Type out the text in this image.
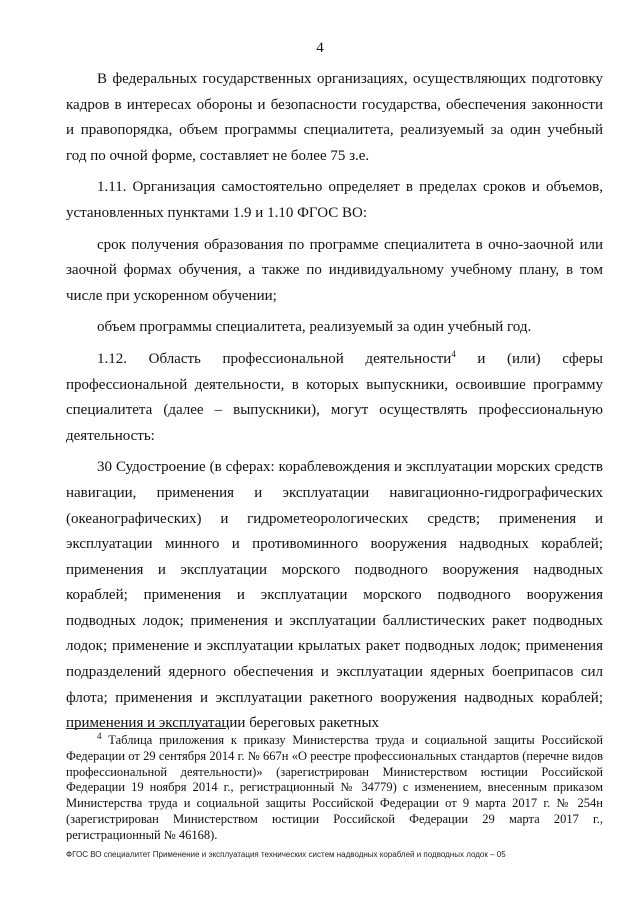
4

В федеральных государственных организациях, осуществляющих подготовку кадров в интересах обороны и безопасности государства, обеспечения законности и правопорядка, объем программы специалитета, реализуемый за один учебный год по очной форме, составляет не более 75 з.е.

1.11. Организация самостоятельно определяет в пределах сроков и объемов, установленных пунктами 1.9 и 1.10 ФГОС ВО:

срок получения образования по программе специалитета в очно-заочной или заочной формах обучения, а также по индивидуальному учебному плану, в том числе при ускоренном обучении;

объем программы специалитета, реализуемый за один учебный год.

1.12. Область профессиональной деятельности$^4$ и (или) сферы профессиональной деятельности, в которых выпускники, освоившие программу специалитета (далее – выпускники), могут осуществлять профессиональную деятельность:

30 Судостроение (в сферах: кораблевождения и эксплуатации морских средств навигации, применения и эксплуатации навигационно-гидрографических (океанографических) и гидрометеорологических средств; применения и эксплуатации минного и противоминного вооружения надводных кораблей; применения и эксплуатации морского подводного вооружения надводных кораблей; применения и эксплуатации морского подводного вооружения подводных лодок; применения и эксплуатации баллистических ракет подводных лодок; применение и эксплуатации крылатых ракет подводных лодок; применения подразделений ядерного обеспечения и эксплуатации ядерных боеприпасов сил флота; применения и эксплуатации ракетного вооружения надводных кораблей; применения и эксплуатации береговых ракетных

$^4$ Таблица приложения к приказу Министерства труда и социальной защиты Российской Федерации от 29 сентября 2014 г. № 667н «О реестре профессиональных стандартов (перечне видов профессиональной деятельности)» (зарегистрирован Министерством юстиции Российской Федерации 19 ноября 2014 г., регистрационный № 34779) с изменением, внесенным приказом Министерства труда и социальной защиты Российской Федерации от 9 марта 2017 г. № 254н (зарегистрирован Министерством юстиции Российской Федерации 29 марта 2017 г., регистрационный № 46168).

ФГОС ВО специалитет Применение и эксплуатация технических систем надводных кораблей и подводных лодок – 05
